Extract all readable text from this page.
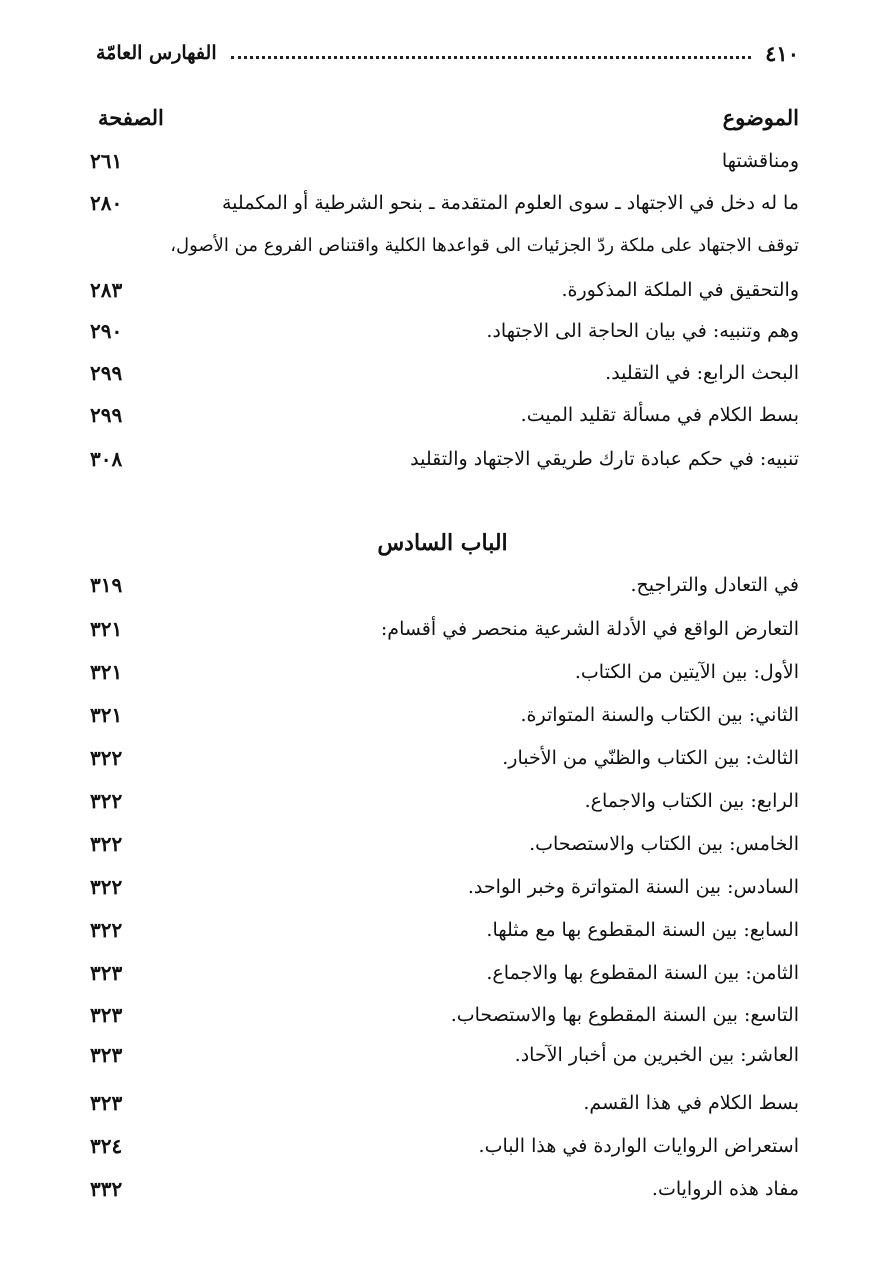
٤١٠
الفهارس العامّة
الموضوع
الصفحة
ومناقشتها
٢٦١
ما له دخل في الاجتهاد ـ سوى العلوم المتقدمة ـ بنحو الشرطية أو المكملية
٢٨٠
توقف الاجتهاد على ملكة ردّ الجزئيات الى قواعدها الكلية واقتناص الفروع من الأصول،
والتحقيق في الملكة المذكورة.
٢٨٣
وهم وتنبيه: في بيان الحاجة الى الاجتهاد.
٢٩٠
البحث الرابع: في التقليد.
٢٩٩
بسط الكلام في مسألة تقليد الميت.
٢٩٩
تنبيه: في حكم عبادة تارك طريقي الاجتهاد والتقليد
٣٠٨
الباب السادس
في التعادل والتراجيح.
٣١٩
التعارض الواقع في الأدلة الشرعية منحصر في أقسام:
٣٢١
الأول: بين الآيتين من الكتاب.
٣٢١
الثاني: بين الكتاب والسنة المتواترة.
٣٢١
الثالث: بين الكتاب والظنّي من الأخبار.
٣٢٢
الرابع: بين الكتاب والاجماع.
٣٢٢
الخامس: بين الكتاب والاستصحاب.
٣٢٢
السادس: بين السنة المتواترة وخبر الواحد.
٣٢٢
السابع: بين السنة المقطوع بها مع مثلها.
٣٢٢
الثامن: بين السنة المقطوع بها والاجماع.
٣٢٣
التاسع: بين السنة المقطوع بها والاستصحاب.
٣٢٣
العاشر: بين الخبرين من أخبار الآحاد.
٣٢٣
بسط الكلام في هذا القسم.
٣٢٣
استعراض الروايات الواردة في هذا الباب.
٣٢٤
مفاد هذه الروايات.
٣٣٢
